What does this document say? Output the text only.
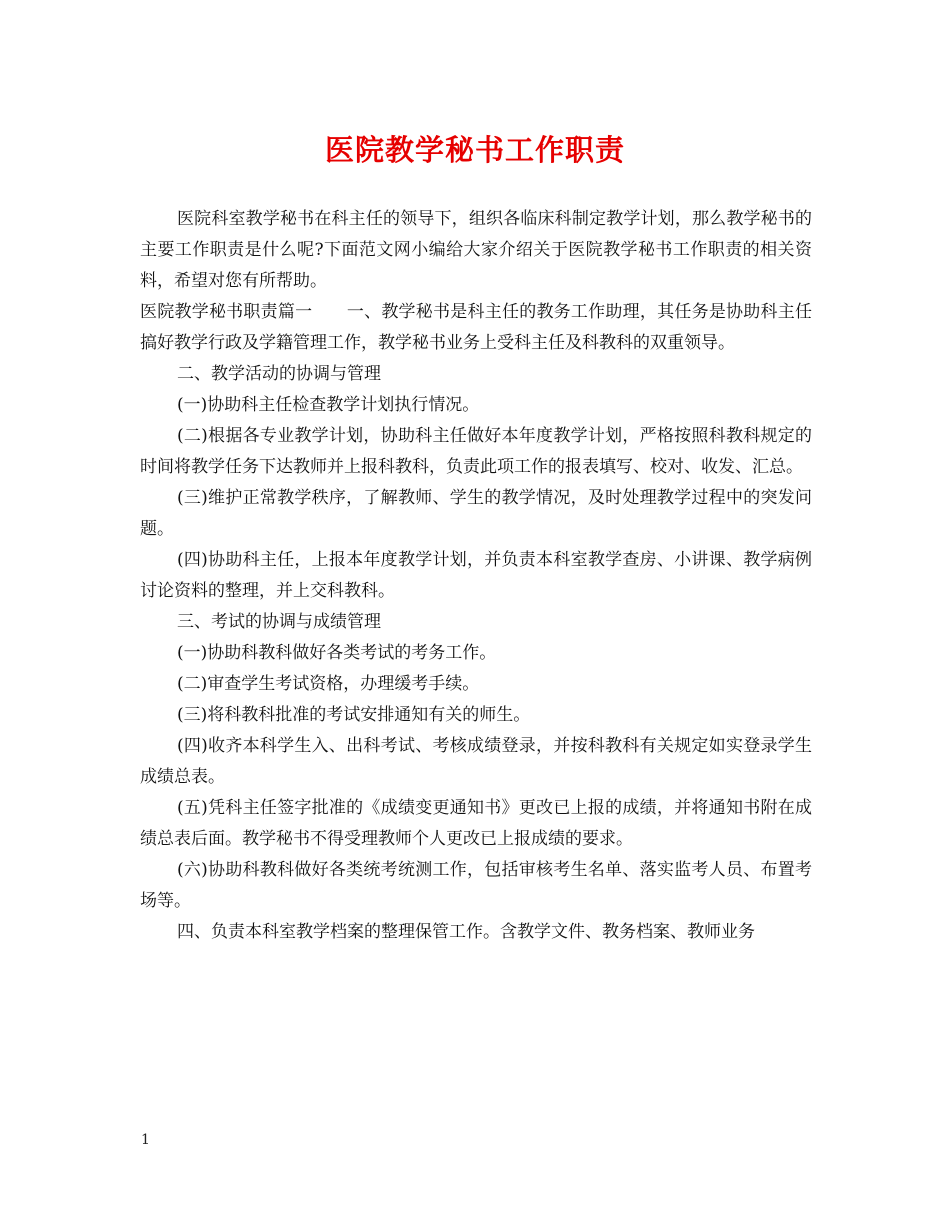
医院教学秘书工作职责

医院科室教学秘书在科主任的领导下，组织各临床科制定教学计划，那么教学秘书的主要工作职责是什么呢?下面范文网小编给大家介绍关于医院教学秘书工作职责的相关资料，希望对您有所帮助。

医院教学秘书职责篇一　　一、教学秘书是科主任的教务工作助理，其任务是协助科主任搞好教学行政及学籍管理工作，教学秘书业务上受科主任及科教科的双重领导。

二、教学活动的协调与管理

(一)协助科主任检查教学计划执行情况。

(二)根据各专业教学计划，协助科主任做好本年度教学计划，严格按照科教科规定的时间将教学任务下达教师并上报科教科，负责此项工作的报表填写、校对、收发、汇总。

(三)维护正常教学秩序，了解教师、学生的教学情况，及时处理教学过程中的突发问题。

(四)协助科主任，上报本年度教学计划，并负责本科室教学查房、小讲课、教学病例讨论资料的整理，并上交科教科。

三、考试的协调与成绩管理

(一)协助科教科做好各类考试的考务工作。

(二)审查学生考试资格，办理缓考手续。

(三)将科教科批准的考试安排通知有关的师生。

(四)收齐本科学生入、出科考试、考核成绩登录，并按科教科有关规定如实登录学生成绩总表。

(五)凭科主任签字批准的《成绩变更通知书》更改已上报的成绩，并将通知书附在成绩总表后面。教学秘书不得受理教师个人更改已上报成绩的要求。

(六)协助科教科做好各类统考统测工作，包括审核考生名单、落实监考人员、布置考场等。

四、负责本科室教学档案的整理保管工作。含教学文件、教务档案、教师业务

1
